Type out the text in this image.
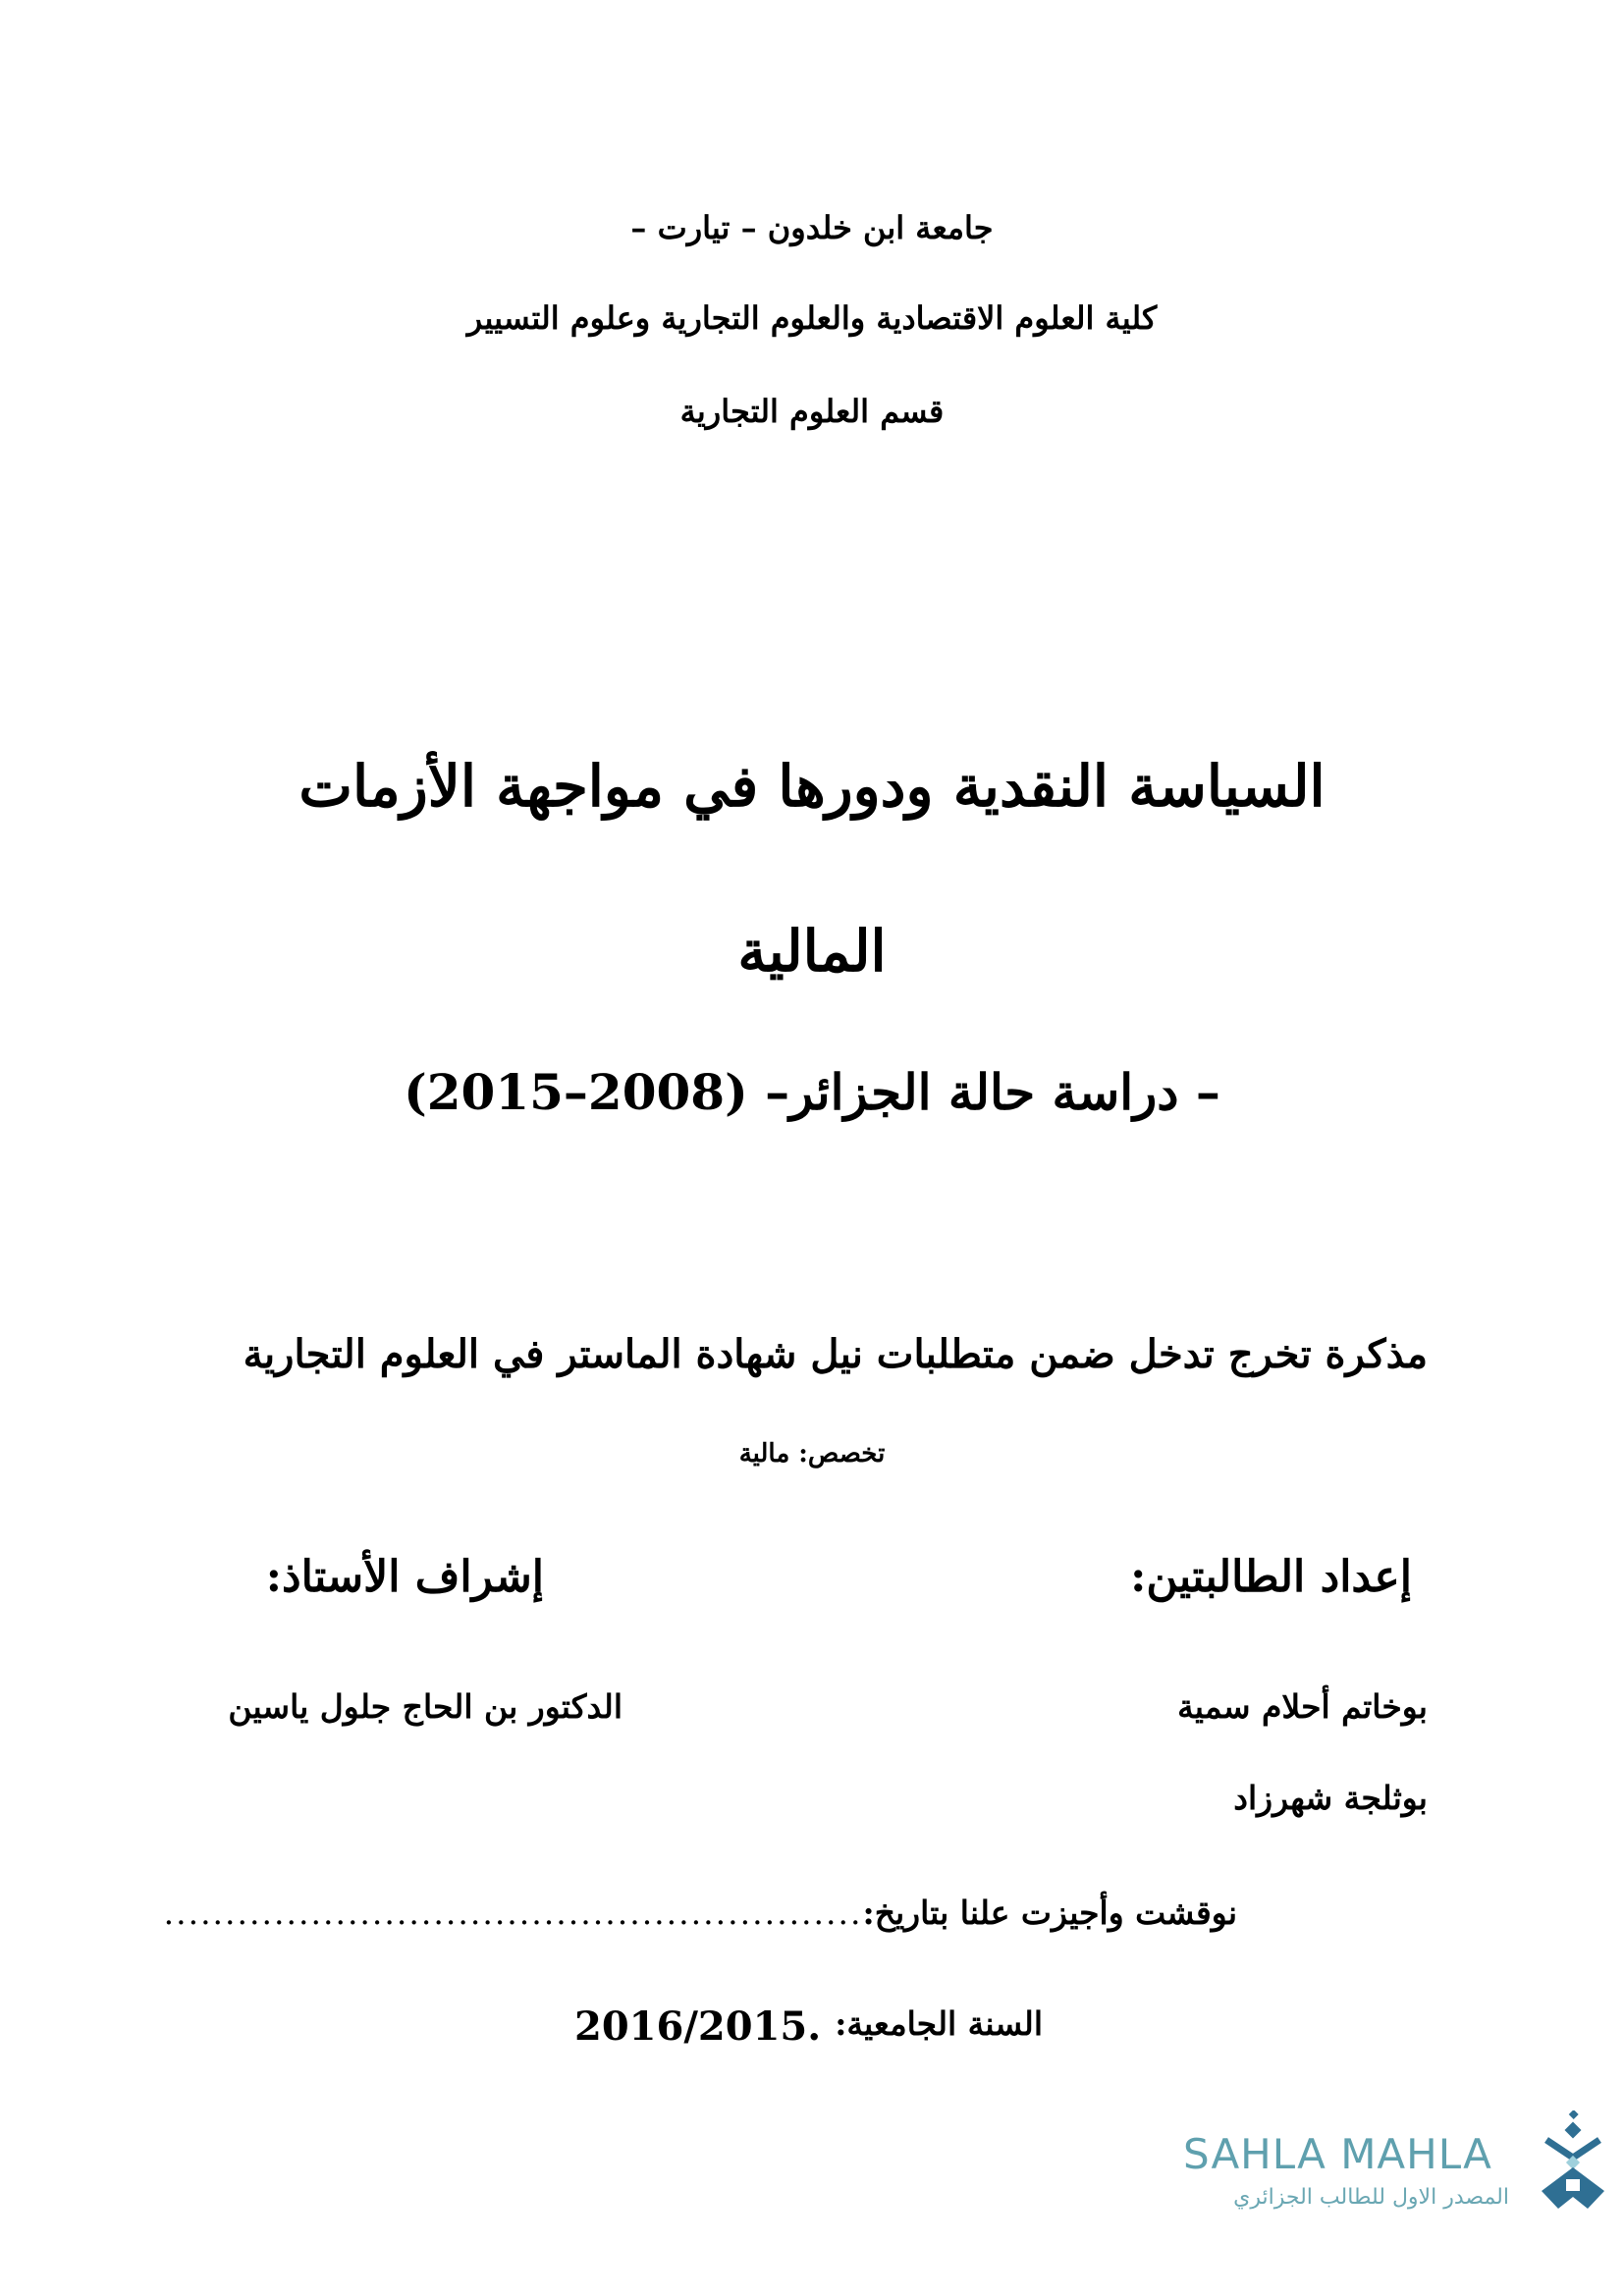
جامعة ابن خلدون – تيارت –
كلية العلوم الاقتصادية والعلوم التجارية وعلوم التسيير
قسم العلوم التجارية
السياسة النقدية ودورها في مواجهة الأزمات
المالية
– دراسة حالة الجزائر– (2008–2015)
مذكرة تخرج تدخل ضمن متطلبات نيل شهادة الماستر في العلوم التجارية
تخصص: مالية
إعداد الطالبتين:
إشراف الأستاذ:
بوخاتم أحلام سمية
الدكتور بن الحاج جلول ياسين
بوثلجة شهرزاد
نوقشت وأجيزت علنا بتاريخ:
.........................................................
السنة الجامعية:
2016/2015.
SAHLA MAHLA
المصدر الاول للطالب الجزائري
